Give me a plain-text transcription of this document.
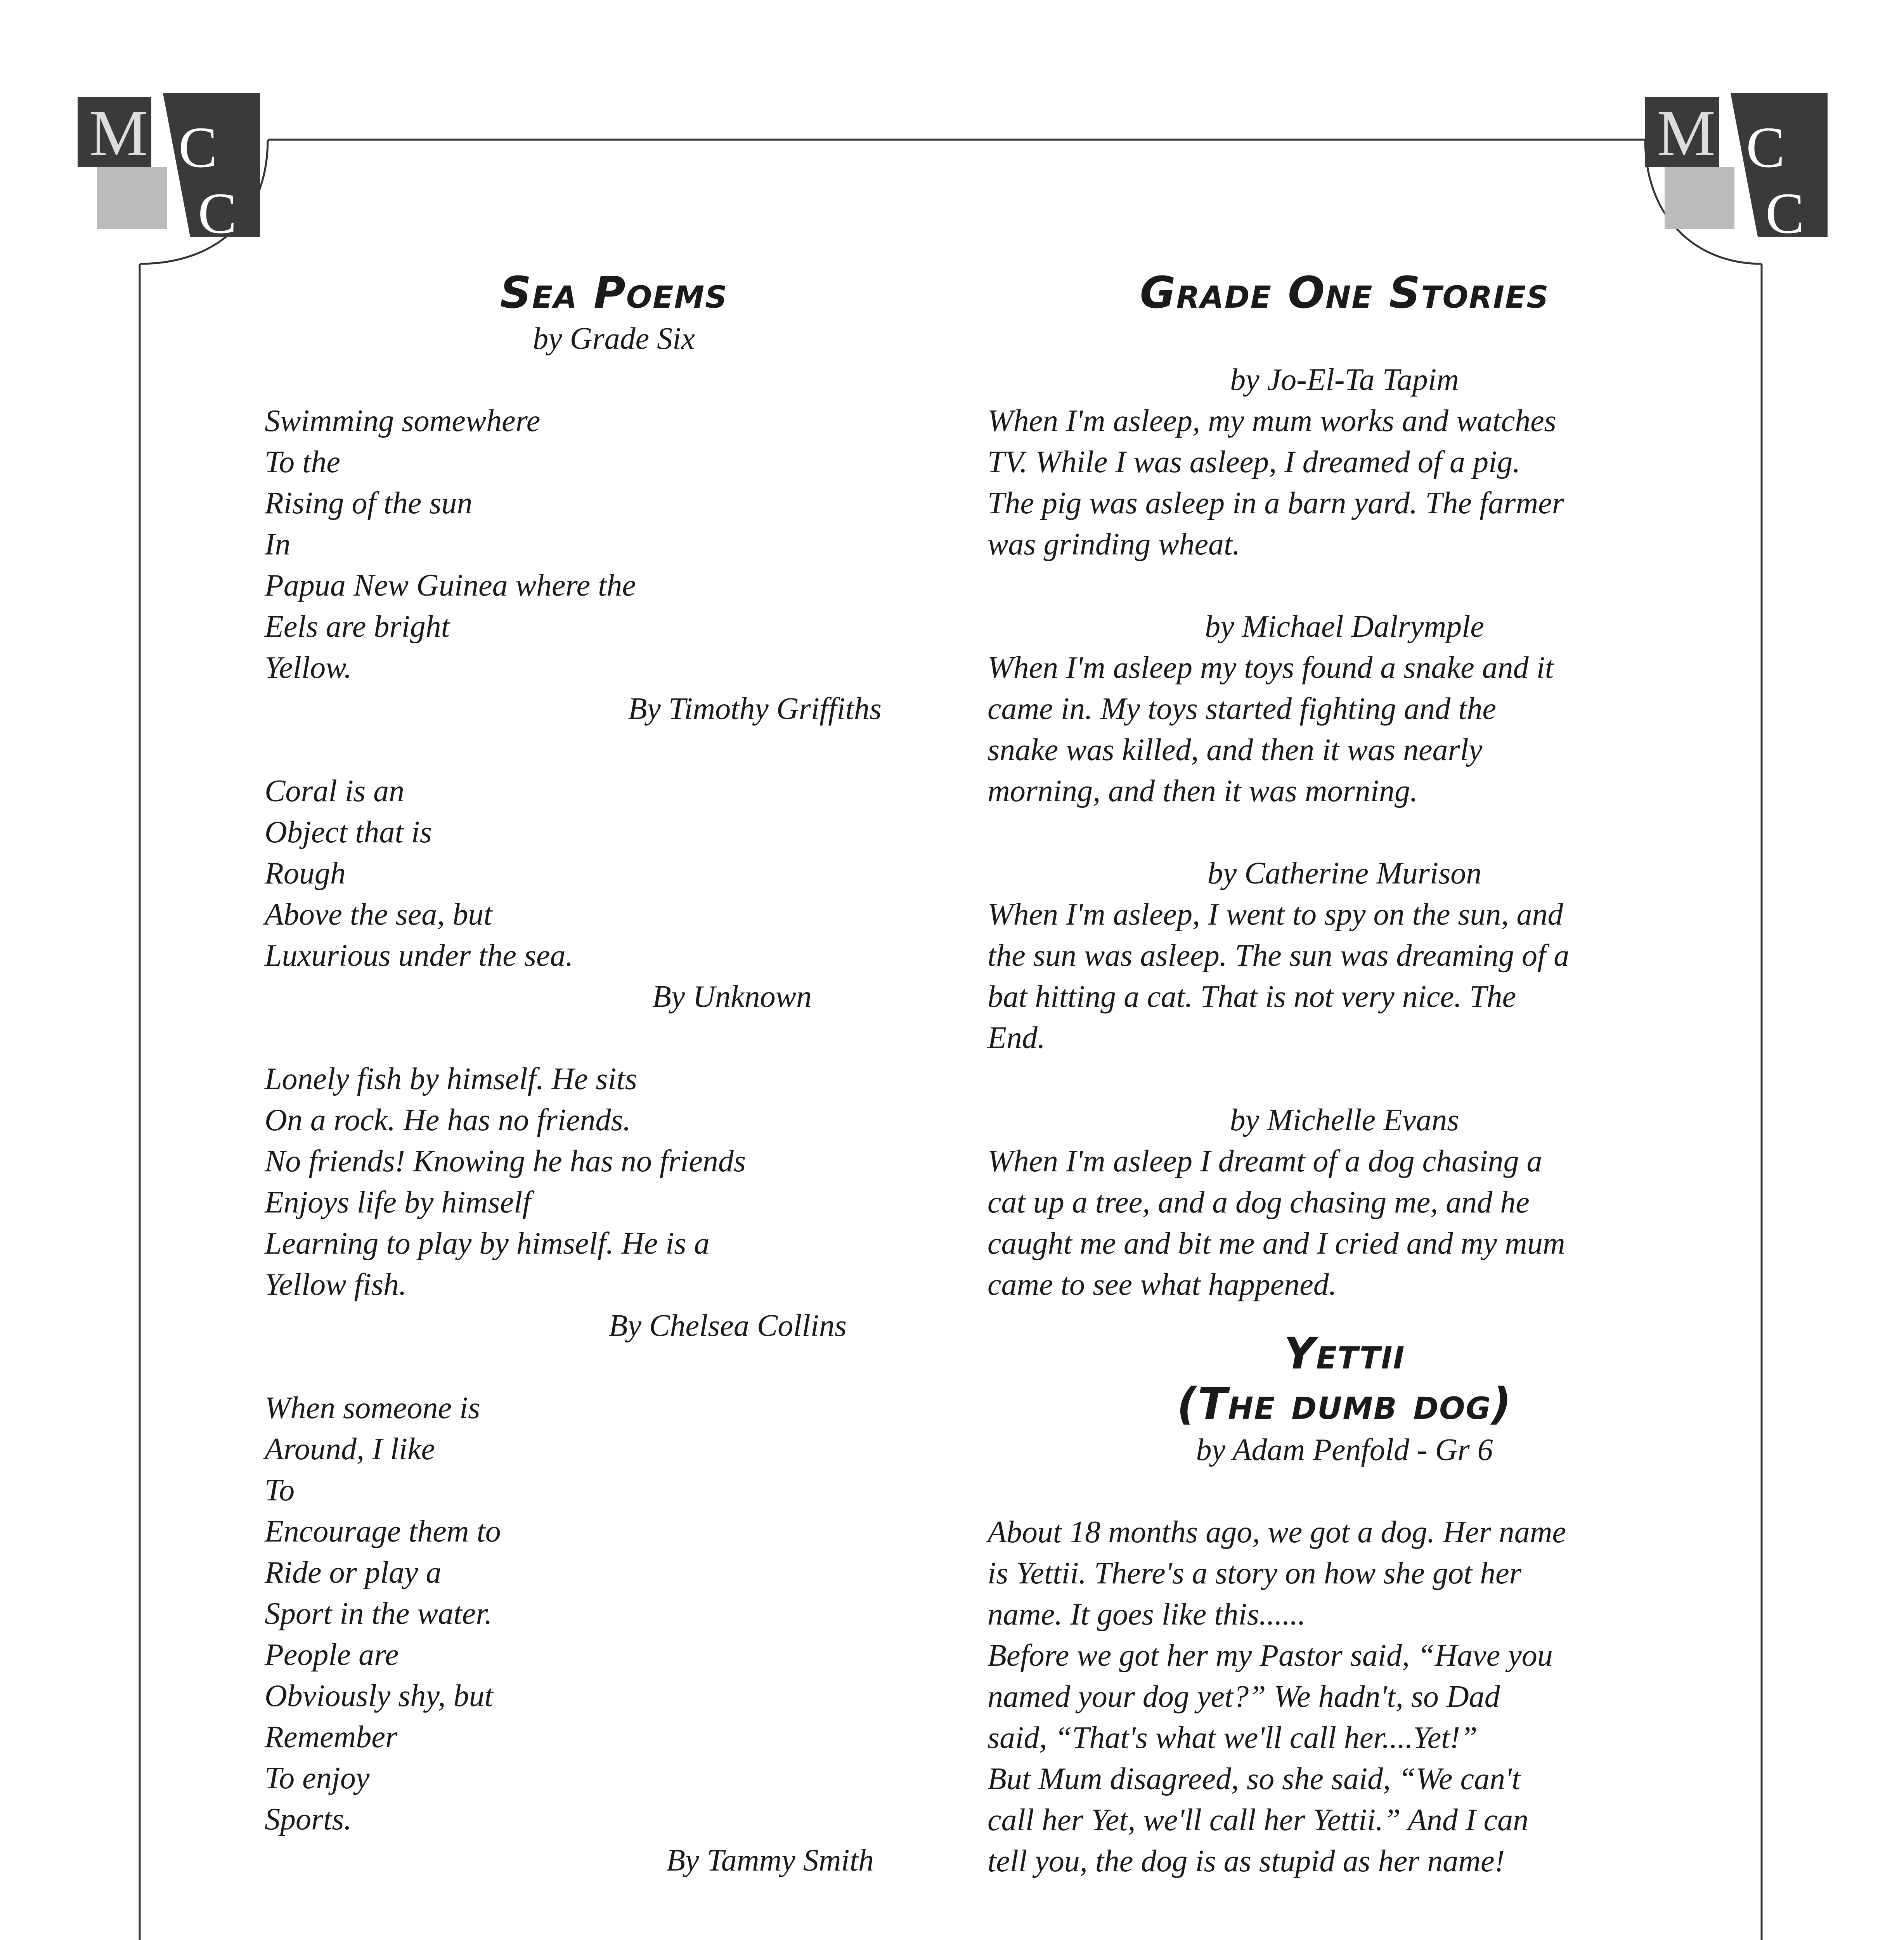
M C
C
M C
C
Sea Poems
by Grade Six

Swimming somewhere

To the

Rising of the sun

In

Papua New Guinea where the

Eels are bright

Yellow.

By Timothy Griffiths

Coral is an

Object that is

Rough

Above the sea, but

Luxurious under the sea.

By Unknown

Lonely fish by himself. He sits

On a rock. He has no friends.

No friends! Knowing he has no friends

Enjoys life by himself

Learning to play by himself. He is a

Yellow fish.

By Chelsea Collins

When someone is

Around, I like

To

Encourage them to

Ride or play a

Sport in the water.

People are

Obviously shy, but

Remember

To enjoy

Sports.

By Tammy Smith

Grade One Stories

by Jo-El-Ta Tapim

When I'm asleep, my mum works and watches

TV. While I was asleep, I dreamed of a pig.

The pig was asleep in a barn yard. The farmer

was grinding wheat.

by Michael Dalrymple

When I'm asleep my toys found a snake and it

came in. My toys started fighting and the

snake was killed, and then it was nearly

morning, and then it was morning.

by Catherine Murison

When I'm asleep, I went to spy on the sun, and

the sun was asleep. The sun was dreaming of a

bat hitting a cat. That is not very nice. The

End.

by Michelle Evans

When I'm asleep I dreamt of a dog chasing a

cat up a tree, and a dog chasing me, and he

caught me and bit me and I cried and my mum

came to see what happened.

Yettii
(The dumb dog)

by Adam Penfold - Gr 6

About 18 months ago, we got a dog. Her name

is Yettii. There's a story on how she got her

name. It goes like this......

Before we got her my Pastor said, “Have you

named your dog yet?” We hadn't, so Dad

said, “That's what we'll call her....Yet!”

But Mum disagreed, so she said, “We can't

call her Yet, we'll call her Yettii.” And I can

tell you, the dog is as stupid as her name!
